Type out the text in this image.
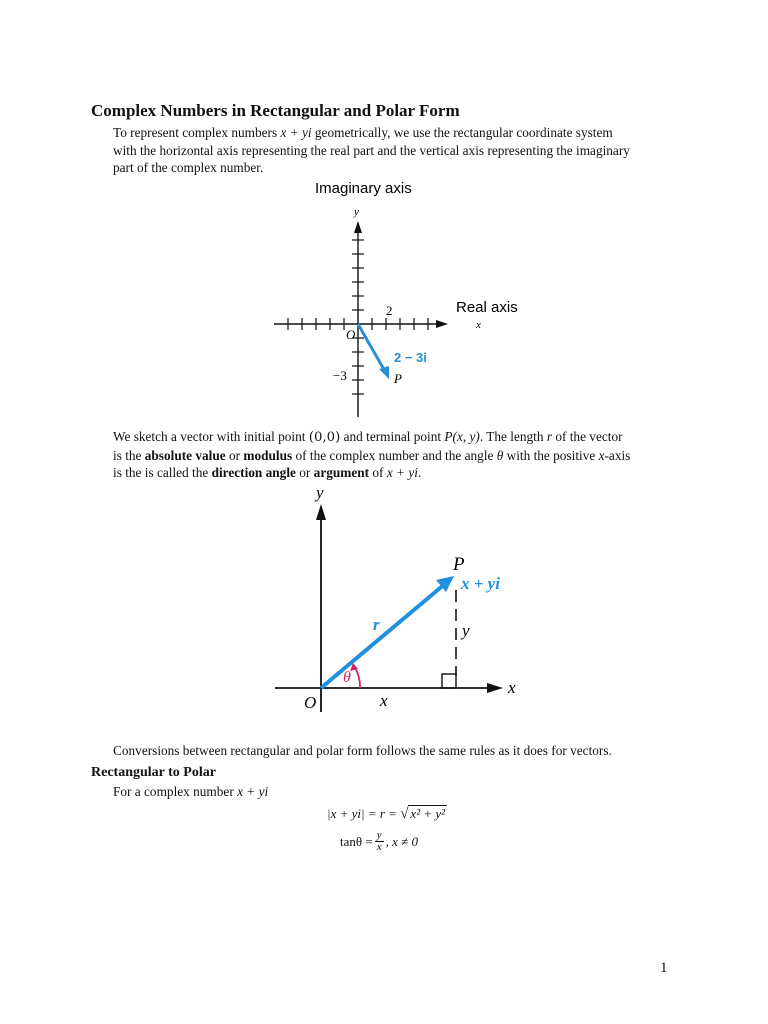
Complex Numbers in Rectangular and Polar Form
To represent complex numbers x + yi geometrically, we use the rectangular coordinate system
with the horizontal axis representing the real part and the vertical axis representing the imaginary
part of the complex number.
Imaginary axis
y
2	Real axis
x
O
−3
2 − 3i
P
We sketch a vector with initial point (0,0) and terminal point P(x, y). The length r of the vector
is the absolute value or modulus of the complex number and the angle θ with the positive x-axis
is the is called the direction angle or argument of x + yi.
y
x
O
θ
r
P
x + yi
y
x
Conversions between rectangular and polar form follows the same rules as it does for vectors.
Rectangular to Polar
For a complex number x + yi
|x + yi| = r = √ x² + y²
$\tan\theta = \frac{y}{x}$ , x ≠ 0
1
